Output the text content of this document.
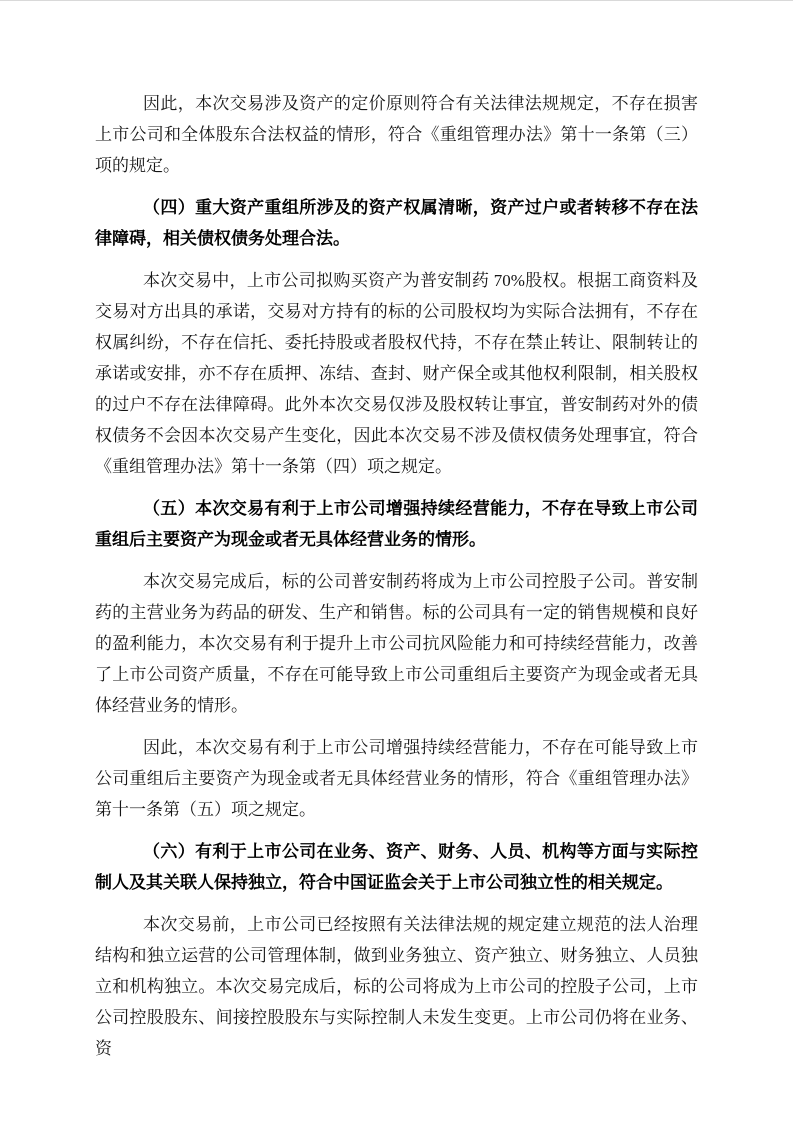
因此，本次交易涉及资产的定价原则符合有关法律法规规定，不存在损害上市公司和全体股东合法权益的情形，符合《重组管理办法》第十一条第（三）项的规定。

（四）重大资产重组所涉及的资产权属清晰，资产过户或者转移不存在法律障碍，相关债权债务处理合法。

本次交易中，上市公司拟购买资产为普安制药 70%股权。根据工商资料及交易对方出具的承诺，交易对方持有的标的公司股权均为实际合法拥有，不存在权属纠纷，不存在信托、委托持股或者股权代持，不存在禁止转让、限制转让的承诺或安排，亦不存在质押、冻结、查封、财产保全或其他权利限制，相关股权的过户不存在法律障碍。此外本次交易仅涉及股权转让事宜，普安制药对外的债权债务不会因本次交易产生变化，因此本次交易不涉及债权债务处理事宜，符合《重组管理办法》第十一条第（四）项之规定。

（五）本次交易有利于上市公司增强持续经营能力，不存在导致上市公司重组后主要资产为现金或者无具体经营业务的情形。

本次交易完成后，标的公司普安制药将成为上市公司控股子公司。普安制药的主营业务为药品的研发、生产和销售。标的公司具有一定的销售规模和良好的盈利能力，本次交易有利于提升上市公司抗风险能力和可持续经营能力，改善了上市公司资产质量，不存在可能导致上市公司重组后主要资产为现金或者无具体经营业务的情形。

因此，本次交易有利于上市公司增强持续经营能力，不存在可能导致上市公司重组后主要资产为现金或者无具体经营业务的情形，符合《重组管理办法》第十一条第（五）项之规定。

（六）有利于上市公司在业务、资产、财务、人员、机构等方面与实际控制人及其关联人保持独立，符合中国证监会关于上市公司独立性的相关规定。

本次交易前，上市公司已经按照有关法律法规的规定建立规范的法人治理结构和独立运营的公司管理体制，做到业务独立、资产独立、财务独立、人员独立和机构独立。本次交易完成后，标的公司将成为上市公司的控股子公司，上市公司控股股东、间接控股股东与实际控制人未发生变更。上市公司仍将在业务、资
